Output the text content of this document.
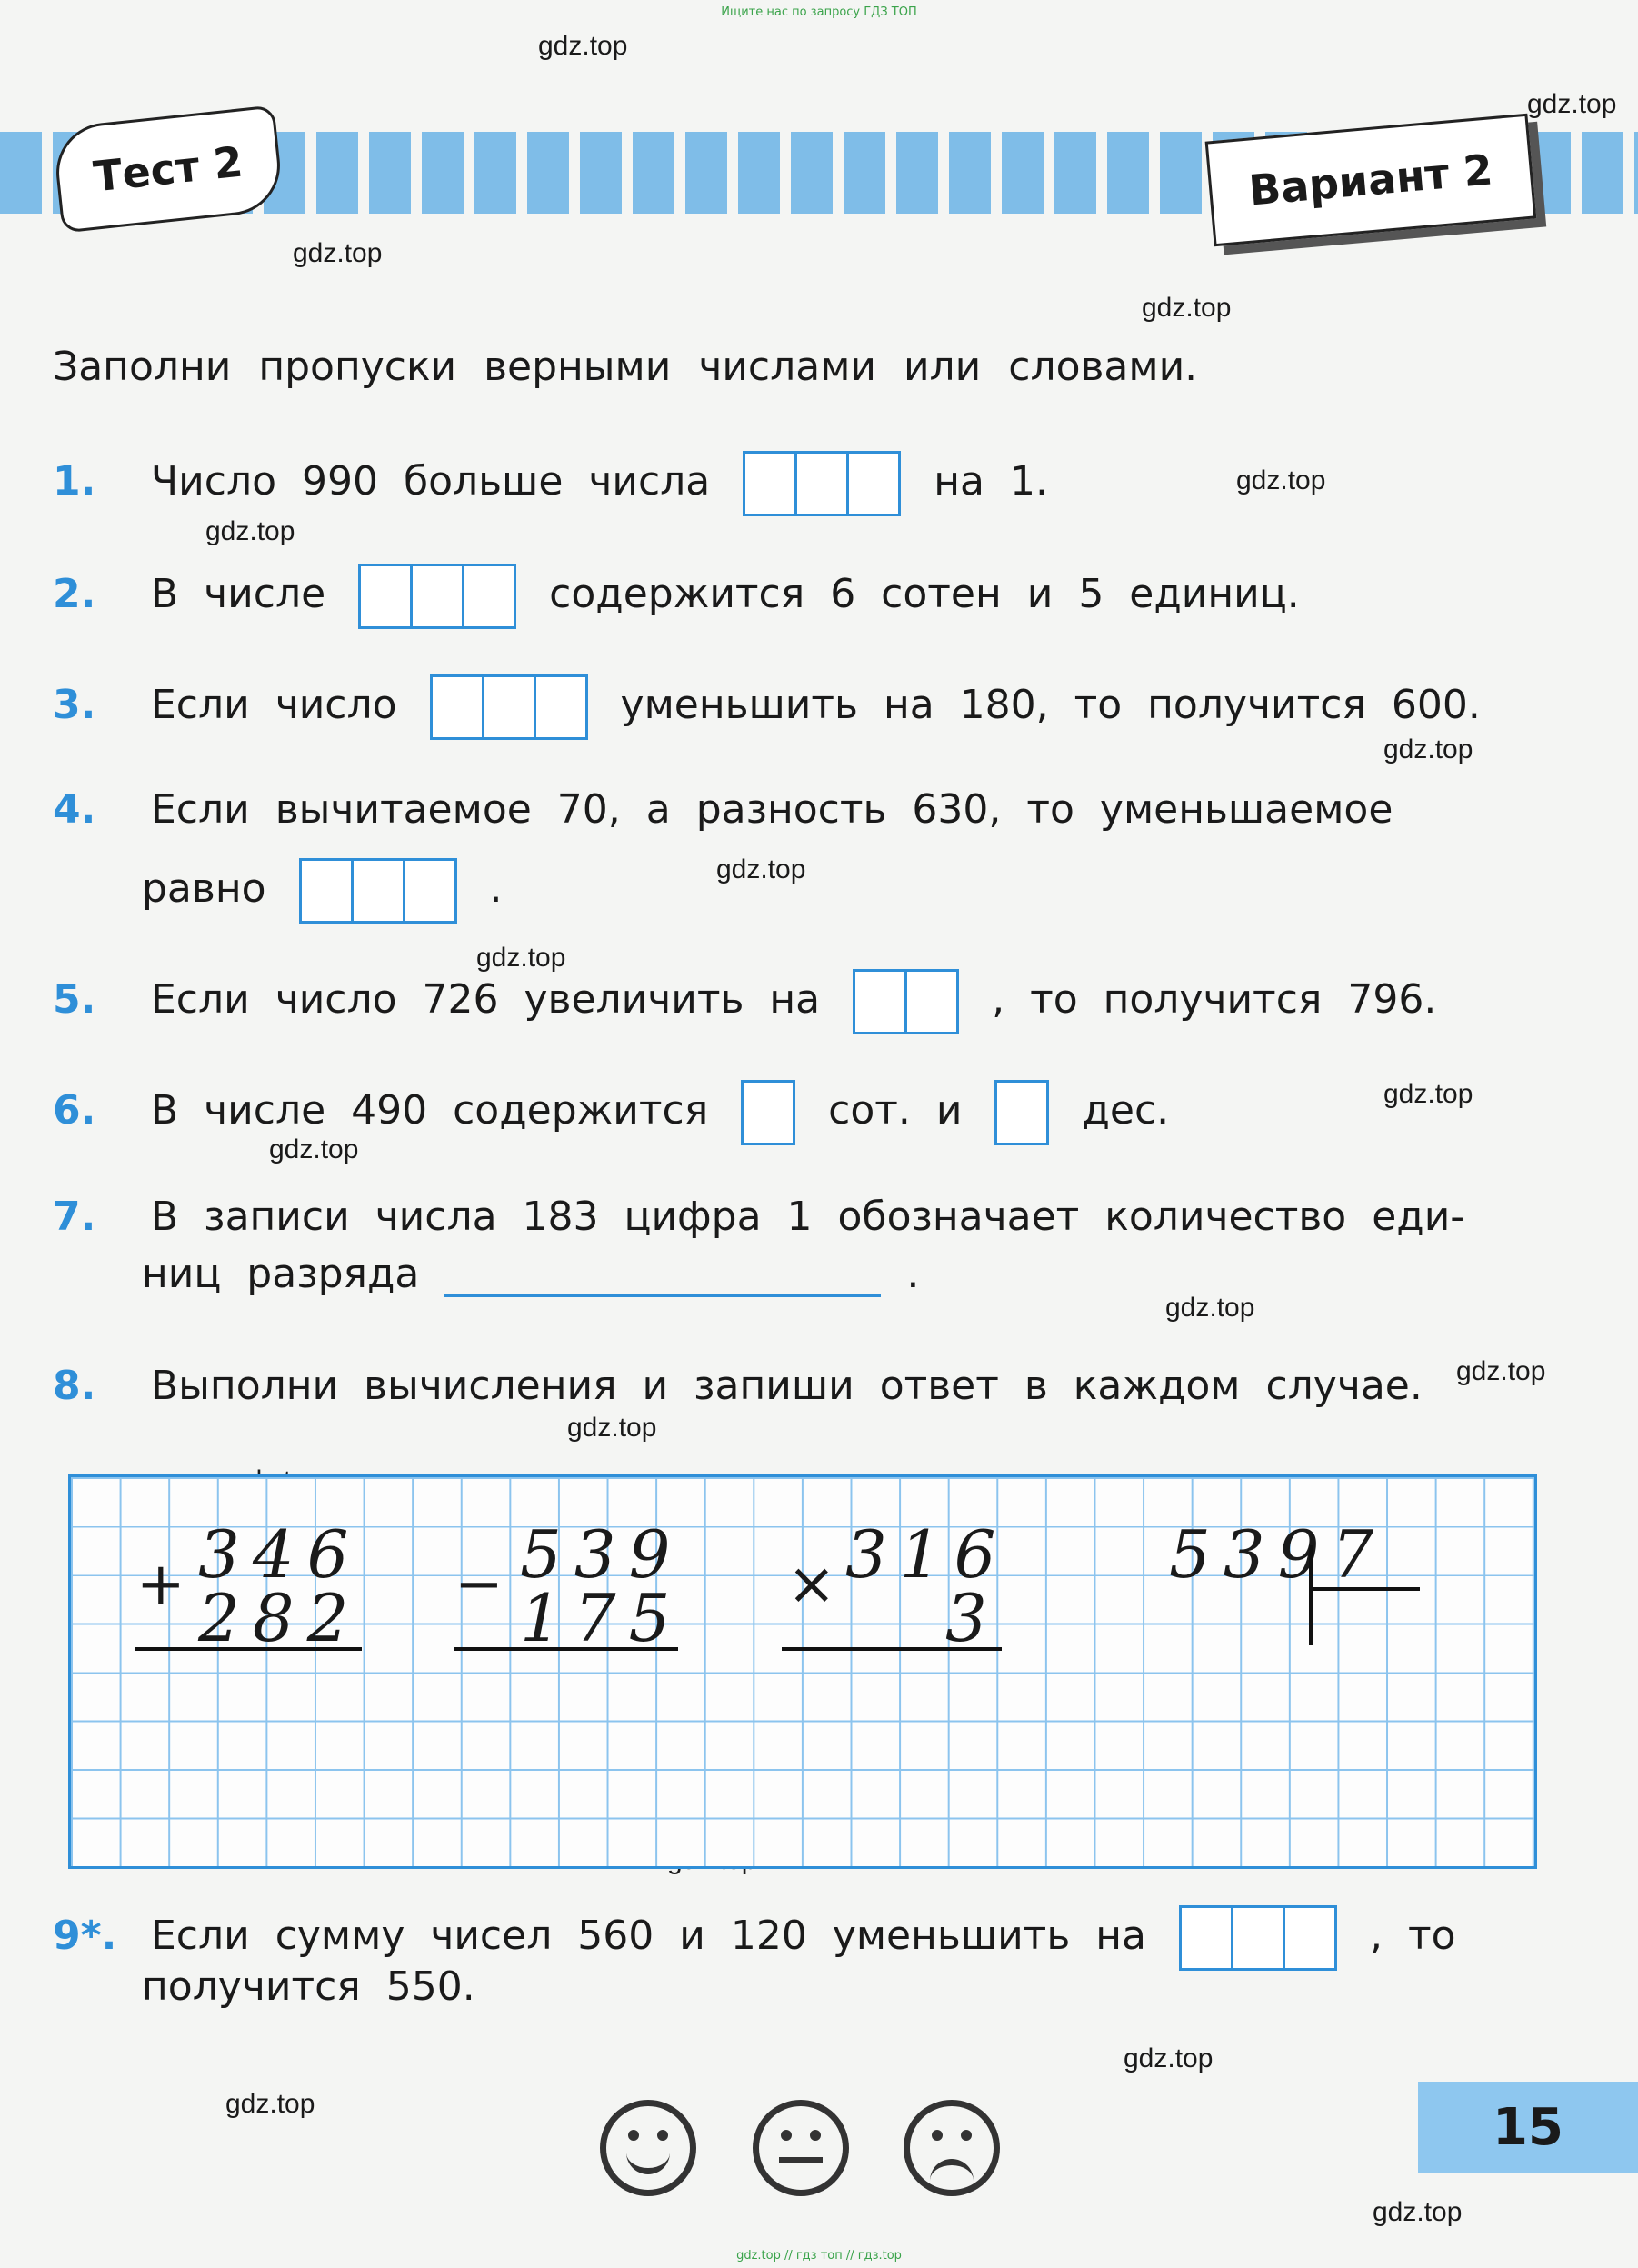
Ищите нас по запросу ГДЗ ТОП
gdz.top
gdz.top
gdz.top
gdz.top
gdz.top
gdz.top
gdz.top
gdz.top
gdz.top
gdz.top
gdz.top
gdz.top
gdz.top
gdz.top
gdz.top
gdz.top
gdz.top
Тест 2	Вариант 2
Заполни пропуски верными числами или словами.
1. Число 990 больше числа	на 1.
2. В числе	содержится 6 сотен и 5 единиц.
3. Если число	уменьшить на 180, то получится 600.
4. Если вычитаемое 70, а разность 630, то уменьшаемое
равно	.
5. Если число 726 увеличить на	, то получится 796.
6. В числе 490 содержится	сот. и	дес.
7. В записи числа 183 цифра 1 обозначает количество еди-
ниц разряда	.
8. Выполни вычисления и запиши ответ в каждом случае.
+ 346
282 − 539
175 × 316
3
5397
9*. Если сумму чисел 560 и 120 уменьшить на	, то
получится 550.
15
gdz.top // гдз топ // гдз.top
